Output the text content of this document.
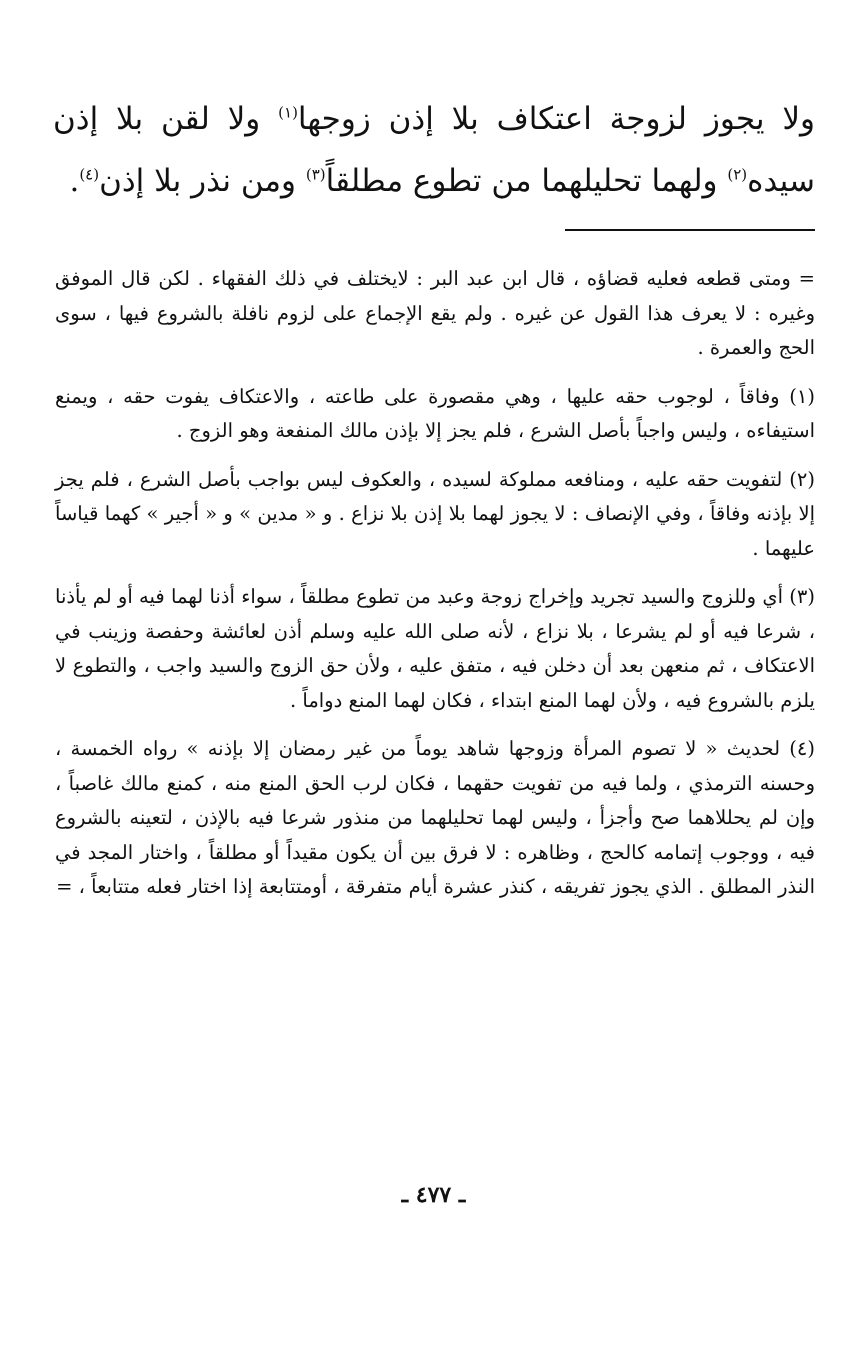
ولا يجوز لزوجة اعتكاف بلا إذن زوجها$^{(١)}$ ولا لقن بلا إذن سيده$^{(٢)}$ ولهما تحليلهما من تطوع مطلقاً$^{(٣)}$ ومن نذر بلا إذن$^{(٤)}$.

= ومتى قطعه فعليه قضاؤه ، قال ابن عبد البر : لايختلف في ذلك الفقهاء . لكن قال الموفق وغيره : لا يعرف هذا القول عن غيره . ولم يقع الإجماع على لزوم نافلة بالشروع فيها ، سوى الحج والعمرة .

(١) وفاقاً ، لوجوب حقه عليها ، وهي مقصورة على طاعته ، والاعتكاف يفوت حقه ، ويمنع استيفاءه ، وليس واجباً بأصل الشرع ، فلم يجز إلا بإذن مالك المنفعة وهو الزوج .

(٢) لتفويت حقه عليه ، ومنافعه مملوكة لسيده ، والعكوف ليس بواجب بأصل الشرع ، فلم يجز إلا بإذنه وفاقاً ، وفي الإنصاف : لا يجوز لهما بلا إذن بلا نزاع . و « مدين » و « أجير » كهما قياساً عليهما .

(٣) أي وللزوج والسيد تجريد وإخراج زوجة وعبد من تطوع مطلقاً ، سواء أذنا لهما فيه أو لم يأذنا ، شرعا فيه أو لم يشرعا ، بلا نزاع ، لأنه صلى الله عليه وسلم أذن لعائشة وحفصة وزينب في الاعتكاف ، ثم منعهن بعد أن دخلن فيه ، متفق عليه ، ولأن حق الزوج والسيد واجب ، والتطوع لا يلزم بالشروع فيه ، ولأن لهما المنع ابتداء ، فكان لهما المنع دواماً .

(٤) لحديث « لا تصوم المرأة وزوجها شاهد يوماً من غير رمضان إلا بإذنه » رواه الخمسة ، وحسنه الترمذي ، ولما فيه من تفويت حقهما ، فكان لرب الحق المنع منه ، كمنع مالك غاصباً ، وإن لم يحللاهما صح وأجزأ ، وليس لهما تحليلهما من منذور شرعا فيه بالإذن ، لتعينه بالشروع فيه ، ووجوب إتمامه كالحج ، وظاهره : لا فرق بين أن يكون مقيداً أو مطلقاً ، واختار المجد في النذر المطلق . الذي يجوز تفريقه ، كنذر عشرة أيام متفرقة ، أومتتابعة إذا اختار فعله متتابعاً ، =

ـ ٤٧٧ ـ
